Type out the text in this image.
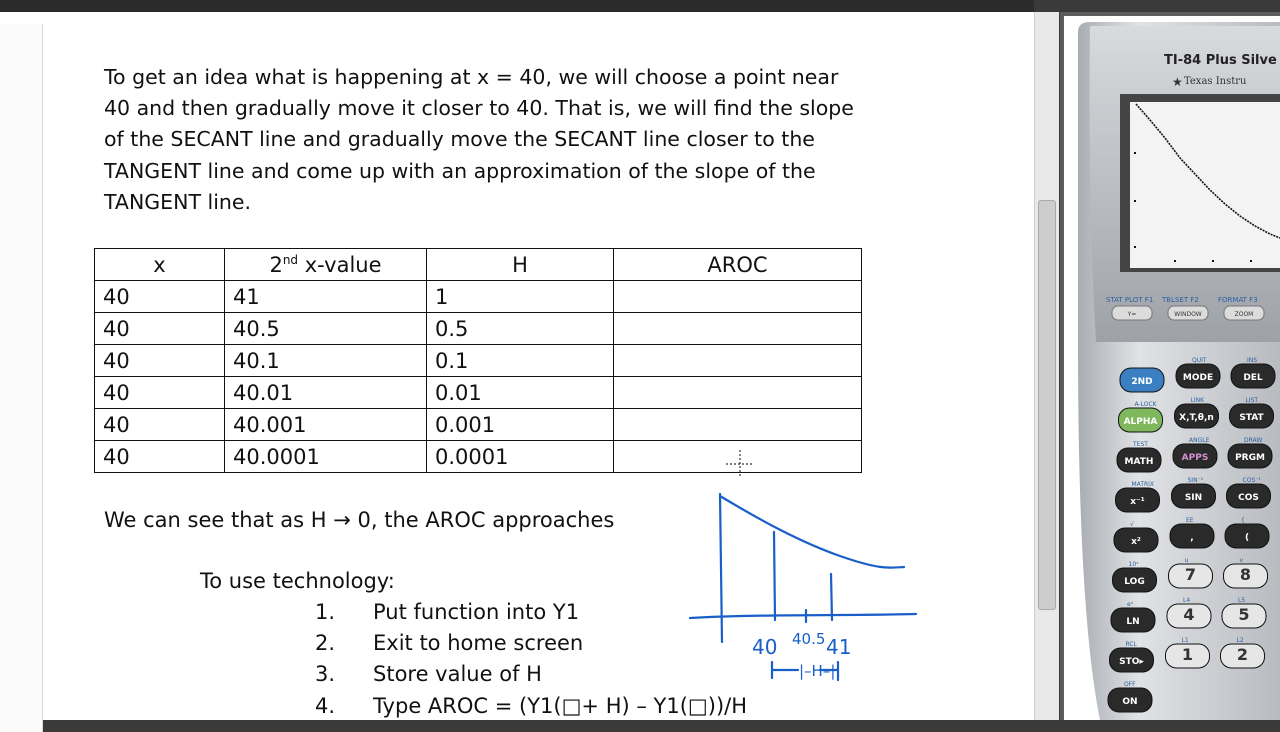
To get an idea what is happening at x = 40, we will choose a point near 40 and then gradually move it closer to 40. That is, we will find the slope of the SECANT line and gradually move the SECANT line closer to the TANGENT line and come up with an approximation of the slope of the TANGENT line.

x	2nd x-value	H	AROC
40	41	1	
40	40.5	0.5	
40	40.1	0.1	
40	40.01	0.01	
40	40.001	0.001	
40	40.0001	0.0001	
We can see that as H → 0, the AROC approaches
To use technology:
1. Put function into Y1
2. Exit to home screen
3. Store value of H
4. Type AROC = (Y1(□+ H) – Y1(□))/H
40 40.5 41
|–H–|
TI-84 Plus Silve
Texas Instru
★
STAT PLOT F1
Y=
TBLSET F2
WINDOW
FORMAT F3
ZOOM
2ND	MODE
QUIT
DEL
INS
ALPHA
A-LOCK
X,T,θ,n
LINK
STAT
LIST
MATH
TEST
APPS
ANGLE
PRGM
DRAW
x⁻¹
MATRIX
SIN
SIN⁻¹
COS
COS⁻¹
x²
√
,
EE
(
{
LOG
10ˣ
7
u
8
v
LN
eˣ
4
L4
5
L5
STO▸
RCL
1
L1
2
L2
ON
OFF
